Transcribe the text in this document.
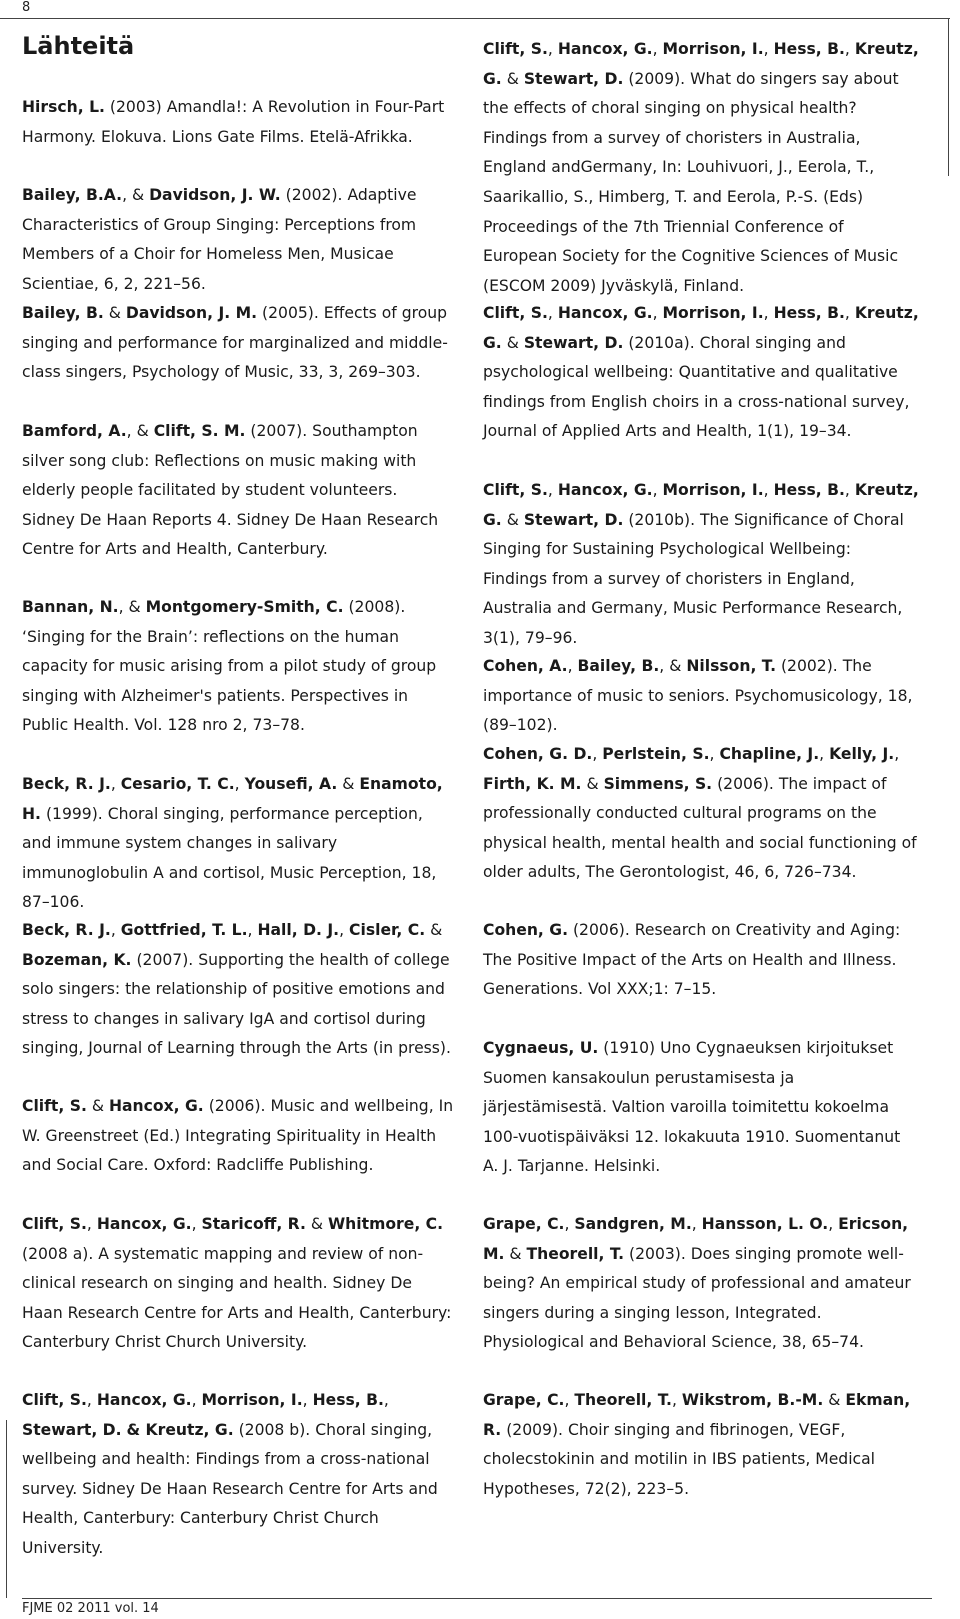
8
Lähteitä

Hirsch, L. (2003) Amandla!: A Revolution in Four-Part Harmony. Elokuva. Lions Gate Films. Etelä-Afrikka.

Bailey, B.A., & Davidson, J. W. (2002). Adaptive Characteristics of Group Singing: Perceptions from Members of a Choir for Homeless Men, Musicae Scientiae, 6, 2, 221–56.

Bailey, B. & Davidson, J. M. (2005). Effects of group singing and performance for marginalized and middle-class singers, Psychology of Music, 33, 3, 269–303.

Bamford, A., & Clift, S. M. (2007). Southampton silver song club: Reflections on music making with elderly people facilitated by student volunteers. Sidney De Haan Reports 4. Sidney De Haan Research Centre for Arts and Health, Canterbury.

Bannan, N., & Montgomery-Smith, C. (2008). ‘Singing for the Brain’: reflections on the human capacity for music arising from a pilot study of group singing with Alzheimer's patients. Perspectives in Public Health. Vol. 128 nro 2, 73–78.

Beck, R. J., Cesario, T. C., Yousefi, A. & Enamoto, H. (1999). Choral singing, performance perception, and immune system changes in salivary immunoglobulin A and cortisol, Music Perception, 18, 87–106.

Beck, R. J., Gottfried, T. L., Hall, D. J., Cisler, C. & Bozeman, K. (2007). Supporting the health of college solo singers: the relationship of positive emotions and stress to changes in salivary IgA and cortisol during singing, Journal of Learning through the Arts (in press).

Clift, S. & Hancox, G. (2006). Music and wellbeing, In W. Greenstreet (Ed.) Integrating Spirituality in Health and Social Care. Oxford: Radcliffe Publishing.

Clift, S., Hancox, G., Staricoff, R. & Whitmore, C. (2008 a). A systematic mapping and review of non-clinical research on singing and health. Sidney De Haan Research Centre for Arts and Health, Canterbury: Canterbury Christ Church University.

Clift, S., Hancox, G., Morrison, I., Hess, B., Stewart, D. & Kreutz, G. (2008 b). Choral singing, wellbeing and health: Findings from a cross-national survey. Sidney De Haan Research Centre for Arts and Health, Canterbury: Canterbury Christ Church University.

Clift, S., Hancox, G., Morrison, I., Hess, B., Kreutz, G. & Stewart, D. (2009). What do singers say about the effects of choral singing on physical health? Findings from a survey of choristers in Australia, England andGermany, In: Louhivuori, J., Eerola, T., Saarikallio, S., Himberg, T. and Eerola, P.-S. (Eds) Proceedings of the 7th Triennial Conference of European Society for the Cognitive Sciences of Music (ESCOM 2009) Jyväskylä, Finland.

Clift, S., Hancox, G., Morrison, I., Hess, B., Kreutz, G. & Stewart, D. (2010a). Choral singing and psychological wellbeing: Quantitative and qualitative findings from English choirs in a cross-national survey, Journal of Applied Arts and Health, 1(1), 19–34.

Clift, S., Hancox, G., Morrison, I., Hess, B., Kreutz, G. & Stewart, D. (2010b). The Significance of Choral Singing for Sustaining Psychological Wellbeing: Findings from a survey of choristers in England, Australia and Germany, Music Performance Research, 3(1), 79–96.

Cohen, A., Bailey, B., & Nilsson, T. (2002). The importance of music to seniors. Psychomusicology, 18, (89–102).

Cohen, G. D., Perlstein, S., Chapline, J., Kelly, J., Firth, K. M. & Simmens, S. (2006). The impact of professionally conducted cultural programs on the physical health, mental health and social functioning of older adults, The Gerontologist, 46, 6, 726–734.

Cohen, G. (2006). Research on Creativity and Aging: The Positive Impact of the Arts on Health and Illness. Generations. Vol XXX;1: 7–15.

Cygnaeus, U. (1910) Uno Cygnaeuksen kirjoitukset Suomen kansakoulun perustamisesta ja järjestämisestä. Valtion varoilla toimitettu kokoelma 100-vuotispäiväksi 12. lokakuuta 1910. Suomentanut A. J. Tarjanne. Helsinki.

Grape, C., Sandgren, M., Hansson, L. O., Ericson, M. & Theorell, T. (2003). Does singing promote well-being? An empirical study of professional and amateur singers during a singing lesson, Integrated. Physiological and Behavioral Science, 38, 65–74.

Grape, C., Theorell, T., Wikstrom, B.-M. & Ekman, R. (2009). Choir singing and fibrinogen, VEGF, cholecstokinin and motilin in IBS patients, Medical Hypotheses, 72(2), 223–5.

FJME 02 2011 vol. 14
